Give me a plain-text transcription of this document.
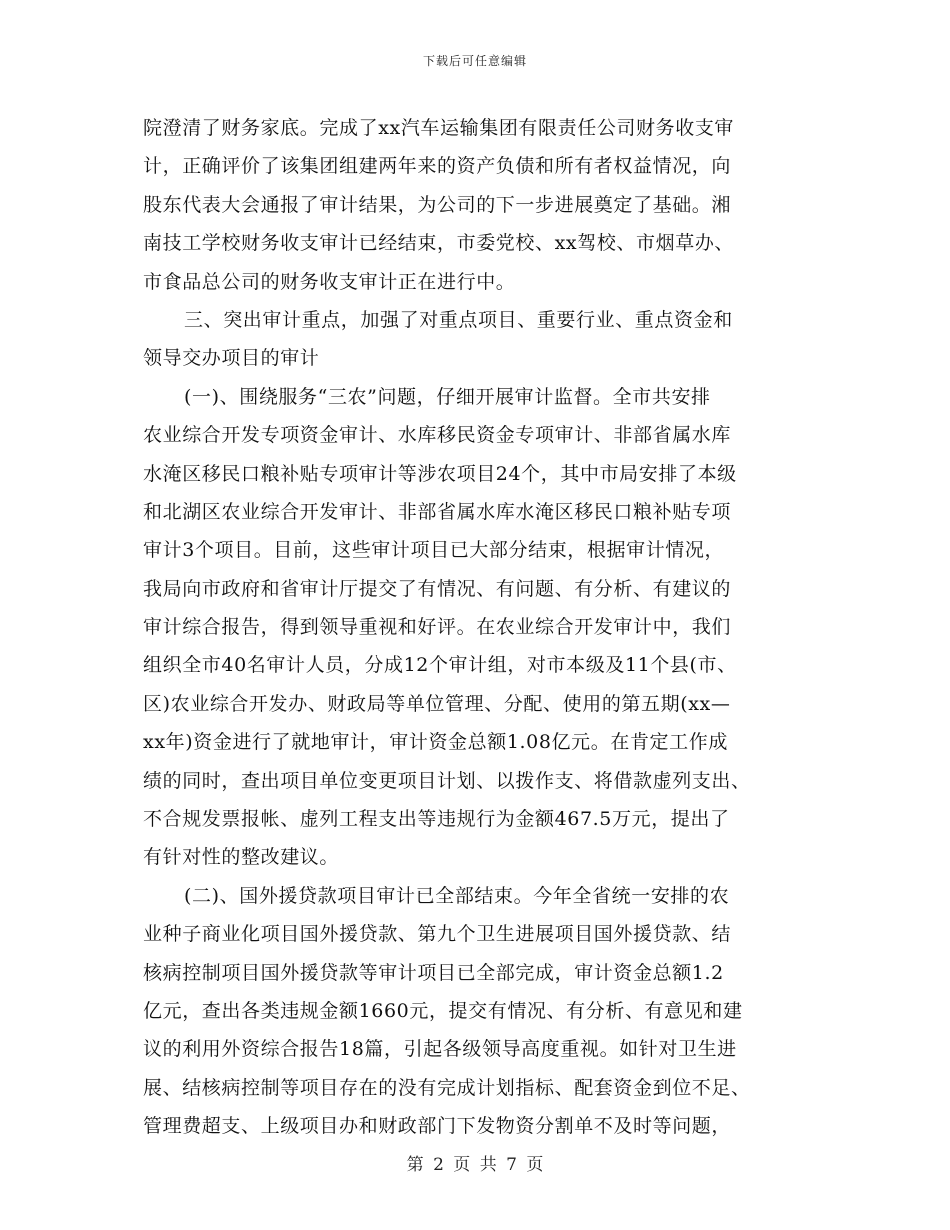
下载后可任意编辑
院澄清了财务家底。完成了xx汽车运输集团有限责任公司财务收支审
计，正确评价了该集团组建两年来的资产负债和所有者权益情况，向
股东代表大会通报了审计结果，为公司的下一步进展奠定了基础。湘
南技工学校财务收支审计已经结束，市委党校、xx驾校、市烟草办、
市食品总公司的财务收支审计正在进行中。
三、突出审计重点，加强了对重点项目、重要行业、重点资金和
领导交办项目的审计
(一)、围绕服务“三农”问题，仔细开展审计监督。全市共安排
农业综合开发专项资金审计、水库移民资金专项审计、非部省属水库
水淹区移民口粮补贴专项审计等涉农项目24个，其中市局安排了本级
和北湖区农业综合开发审计、非部省属水库水淹区移民口粮补贴专项
审计3个项目。目前，这些审计项目已大部分结束，根据审计情况，
我局向市政府和省审计厅提交了有情况、有问题、有分析、有建议的
审计综合报告，得到领导重视和好评。在农业综合开发审计中，我们
组织全市40名审计人员，分成12个审计组，对市本级及11个县(市、
区)农业综合开发办、财政局等单位管理、分配、使用的第五期(xx—
xx年)资金进行了就地审计，审计资金总额1.08亿元。在肯定工作成
绩的同时，查出项目单位变更项目计划、以拨作支、将借款虚列支出、
不合规发票报帐、虚列工程支出等违规行为金额467.5万元，提出了
有针对性的整改建议。
(二)、国外援贷款项目审计已全部结束。今年全省统一安排的农
业种子商业化项目国外援贷款、第九个卫生进展项目国外援贷款、结
核病控制项目国外援贷款等审计项目已全部完成，审计资金总额1.2
亿元，查出各类违规金额1660元，提交有情况、有分析、有意见和建
议的利用外资综合报告18篇，引起各级领导高度重视。如针对卫生进
展、结核病控制等项目存在的没有完成计划指标、配套资金到位不足、
管理费超支、上级项目办和财政部门下发物资分割单不及时等问题，
第 2 页 共 7 页
